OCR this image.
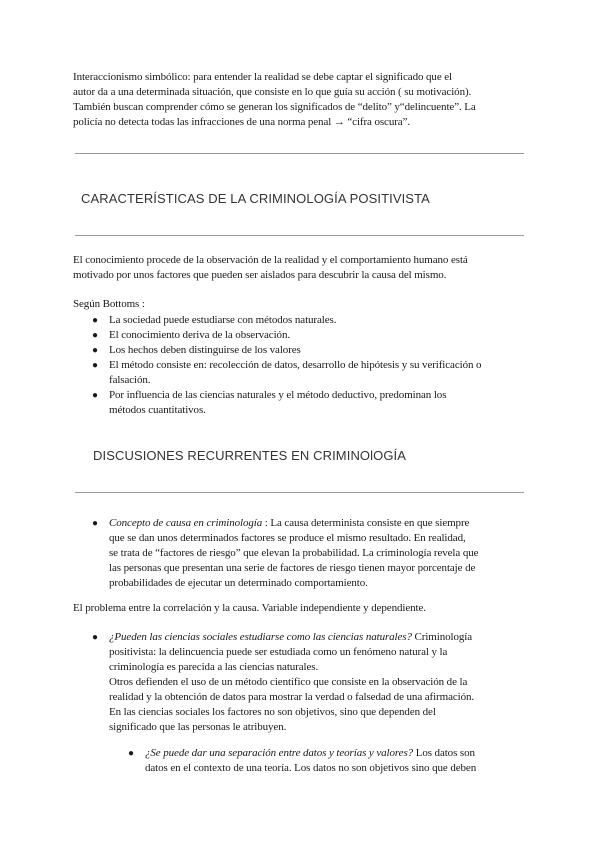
Interaccionismo simbólico: para entender la realidad se debe captar el significado que el
autor da a una determinada situación, que consiste en lo que guía su acción ( su motivación).
También buscan comprender cómo se generan los significados de “delito” y“delincuente”. La
policía no detecta todas las infracciones de una norma penal → “cifra oscura”.
CARACTERÍSTICAS DE LA CRIMINOLOGÍA POSITIVISTA
El conocimiento procede de la observación de la realidad y el comportamiento humano está
motivado por unos factores que pueden ser aislados para descubrir la causa del mismo.
Según Bottoms :
● La sociedad puede estudiarse con métodos naturales.
● El conocimiento deriva de la observación.
● Los hechos deben distinguirse de los valores
● El método consiste en: recolección de datos, desarrollo de hipótesis y su verificación o
falsación.
● Por influencia de las ciencias naturales y el método deductivo, predominan los
métodos cuantitativos.
DISCUSIONES RECURRENTES EN CRIMINOlOGÍA
● Concepto de causa en criminología : La causa determinista consiste en que siempre
que se dan unos determinados factores se produce el mismo resultado. En realidad,
se trata de “factores de riesgo” que elevan la probabilidad. La criminología revela que
las personas que presentan una serie de factores de riesgo tienen mayor porcentaje de
probabilidades de ejecutar un determinado comportamiento.
El problema entre la correlación y la causa. Variable independiente y dependiente.
● ¿Pueden las ciencias sociales estudiarse como las ciencias naturales? Criminología
positivista: la delincuencia puede ser estudiada como un fenómeno natural y la
criminología es parecida a las ciencias naturales.
Otros defienden el uso de un método científico que consiste en la observación de la
realidad y la obtención de datos para mostrar la verdad o falsedad de una afirmación.
En las ciencias sociales los factores no son objetivos, sino que dependen del
significado que las personas le atribuyen.
● ¿Se puede dar una separación entre datos y teorías y valores? Los datos son
datos en el contexto de una teoría. Los datos no son objetivos sino que deben
